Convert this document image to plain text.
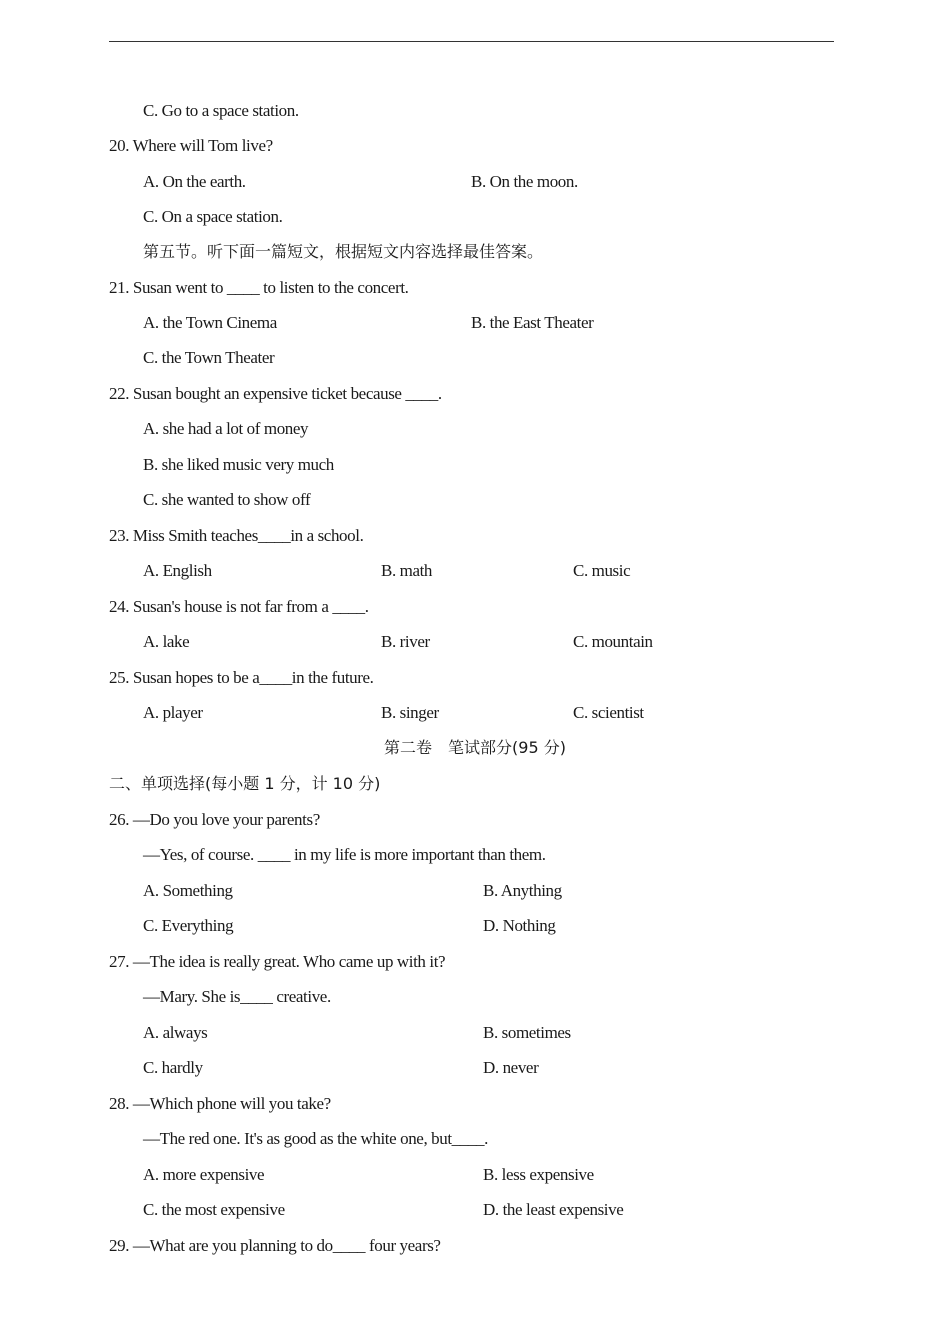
C. Go to a space station.
20. Where will Tom live?
A. On the earth.	B. On the moon.
C. On a space station.
第五节。听下面一篇短文，根据短文内容选择最佳答案。
21. Susan went to ____ to listen to the concert.
A. the Town Cinema	B. the East Theater
C. the Town Theater
22. Susan bought an expensive ticket because ____.
A. she had a lot of money
B. she liked music very much
C. she wanted to show off
23. Miss Smith teaches____in a school.
A. English	B. math	C. music
24. Susan's house is not far from a ____.
A. lake	B. river	C. mountain
25. Susan hopes to be a____in the future.
A. player	B. singer	C. scientist
第二卷　笔试部分(95 分)
二、单项选择(每小题 1 分，计 10 分)
26. —Do you love your parents?
—Yes, of course. ____ in my life is more important than them.
A. Something	B. Anything
C. Everything	D. Nothing
27. —The idea is really great. Who came up with it?
—Mary. She is____ creative.
A. always	B. sometimes
C. hardly	D. never
28. —Which phone will you take?
—The red one. It's as good as the white one, but____.
A. more expensive	B. less expensive
C. the most expensive	D. the least expensive
29. —What are you planning to do____ four years?
